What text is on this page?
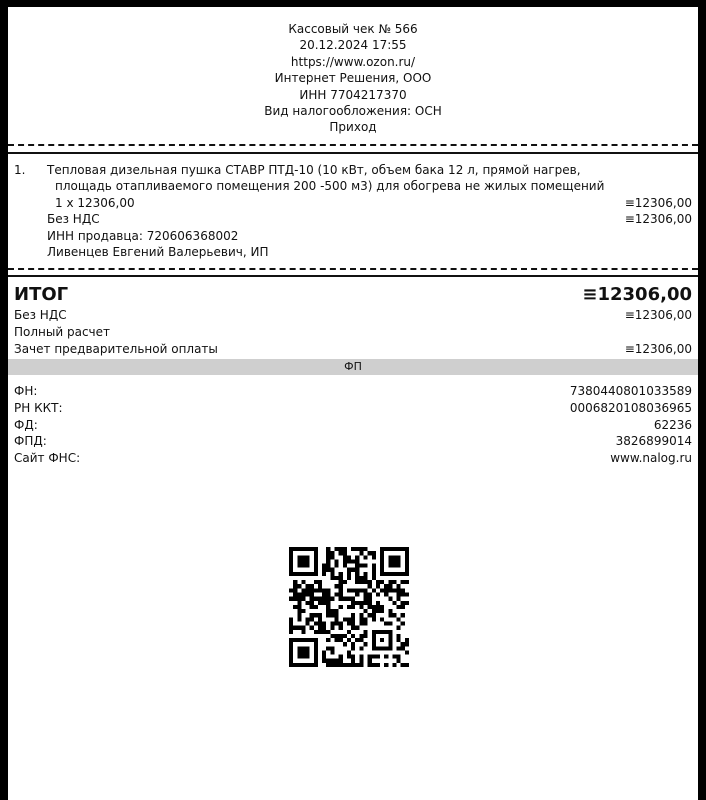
Кассовый чек № 566
20.12.2024 17:55
https://www.ozon.ru/
Интернет Решения, ООО
ИНН 7704217370
Вид налогообложения: ОСН
Приход
1. Тепловая дизельная пушка СТАВР ПТД-10 (10 кВт, объем бака 12 л, прямой нагрев,
площадь отапливаемого помещения 200 -500 м3) для обогрева не жилых помещений
1 x 12306,00	≡12306,00
Без НДС	≡12306,00
ИНН продавца: 720606368002
Ливенцев Евгений Валерьевич, ИП
ИТОГ	≡12306,00
Без НДС	≡12306,00
Полный расчет
Зачет предварительной оплаты	≡12306,00
ФП
ФН:	7380440801033589
РН ККТ:	0006820108036965
ФД:	62236
ФПД:	3826899014
Сайт ФНС:	www.nalog.ru
